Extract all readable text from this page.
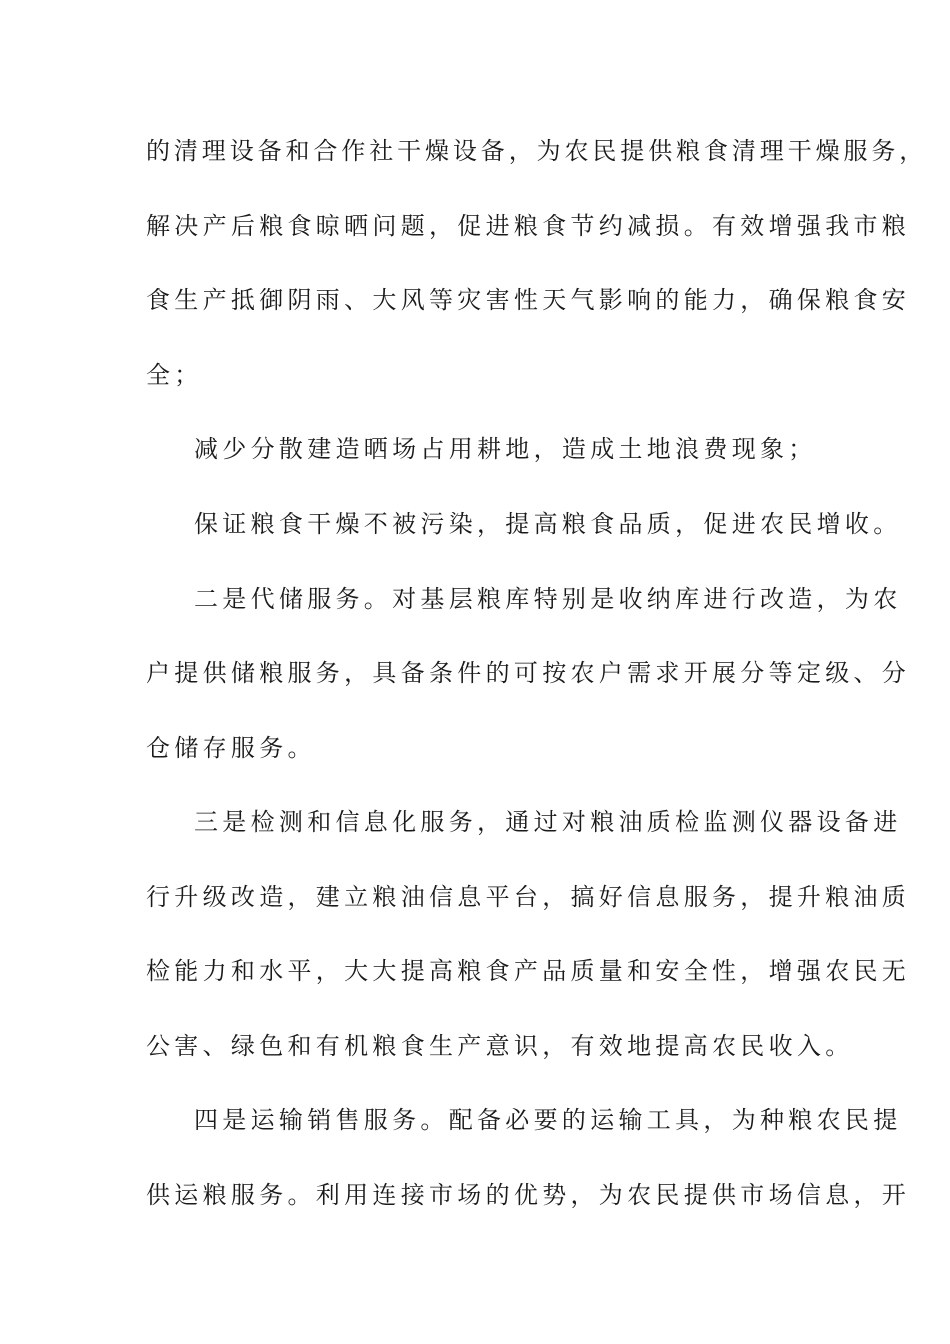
的清理设备和合作社干燥设备，为农民提供粮食清理干燥服务，
解决产后粮食晾晒问题，促进粮食节约减损。有效增强我市粮
食生产抵御阴雨、大风等灾害性天气影响的能力，确保粮食安
全；
减少分散建造晒场占用耕地，造成土地浪费现象；
保证粮食干燥不被污染，提高粮食品质，促进农民增收。
二是代储服务。对基层粮库特别是收纳库进行改造，为农
户提供储粮服务，具备条件的可按农户需求开展分等定级、分
仓储存服务。
三是检测和信息化服务，通过对粮油质检监测仪器设备进
行升级改造，建立粮油信息平台，搞好信息服务，提升粮油质
检能力和水平，大大提高粮食产品质量和安全性，增强农民无
公害、绿色和有机粮食生产意识，有效地提高农民收入。
四是运输销售服务。配备必要的运输工具，为种粮农民提
供运粮服务。利用连接市场的优势，为农民提供市场信息，开
